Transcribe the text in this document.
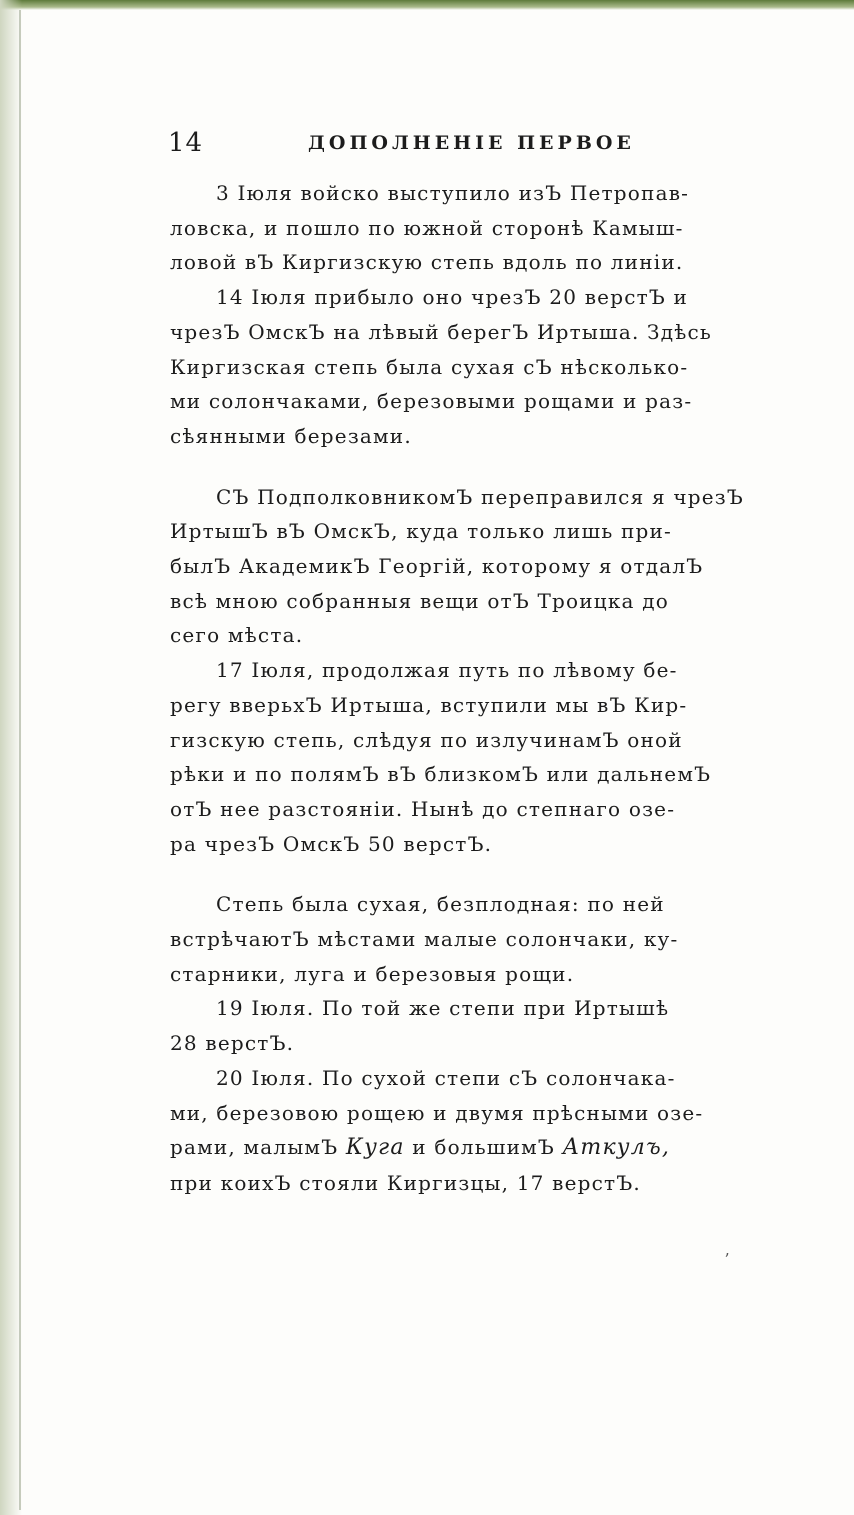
14	ДОПОЛНЕНІЕ ПЕРВОЕ

3 Іюля войско выступило изЪ Петропав-

ловска, и пошло по южной сторонѣ Камыш-

ловой вЪ Киргизскую степь вдоль по линіи.

14 Іюля прибыло оно чрезЪ 20 верстЪ и

чрезЪ ОмскЪ на лѣвый берегЪ Иртыша. Здѣсь

Киргизская степь была сухая сЪ нѣсколько-

ми солончаками, березовыми рощами и раз-

сѣянными березами.

СЪ ПодполковникомЪ переправился я чрезЪ

ИртышЪ вЪ ОмскЪ, куда только лишь при-

былЪ АкадемикЪ Георгій, которому я отдалЪ

всѣ мною собранныя вещи отЪ Троицка до

сего мѣста.

17 Іюля, продолжая путь по лѣвому бе-

регу вверьхЪ Иртыша, вступили мы вЪ Кир-

гизскую степь, слѣдуя по излучинамЪ оной

рѣки и по полямЪ вЪ близкомЪ или дальнемЪ

отЪ нее разстояніи. Нынѣ до степнаго озе-

ра чрезЪ ОмскЪ 50 верстЪ.

Степь была сухая, безплодная: по ней

встрѣчаютЪ мѣстами малые солончаки, ку-

старники, луга и березовыя рощи.

19 Іюля. По той же степи при Иртышѣ

28 верстЪ.

20 Іюля. По сухой степи сЪ солончака-

ми, березовою рощею и двумя прѣсными озе-

рами, малымЪ Куга и большимЪ Аткулъ,

при коихЪ стояли Киргизцы, 17 верстЪ.

ʼ
